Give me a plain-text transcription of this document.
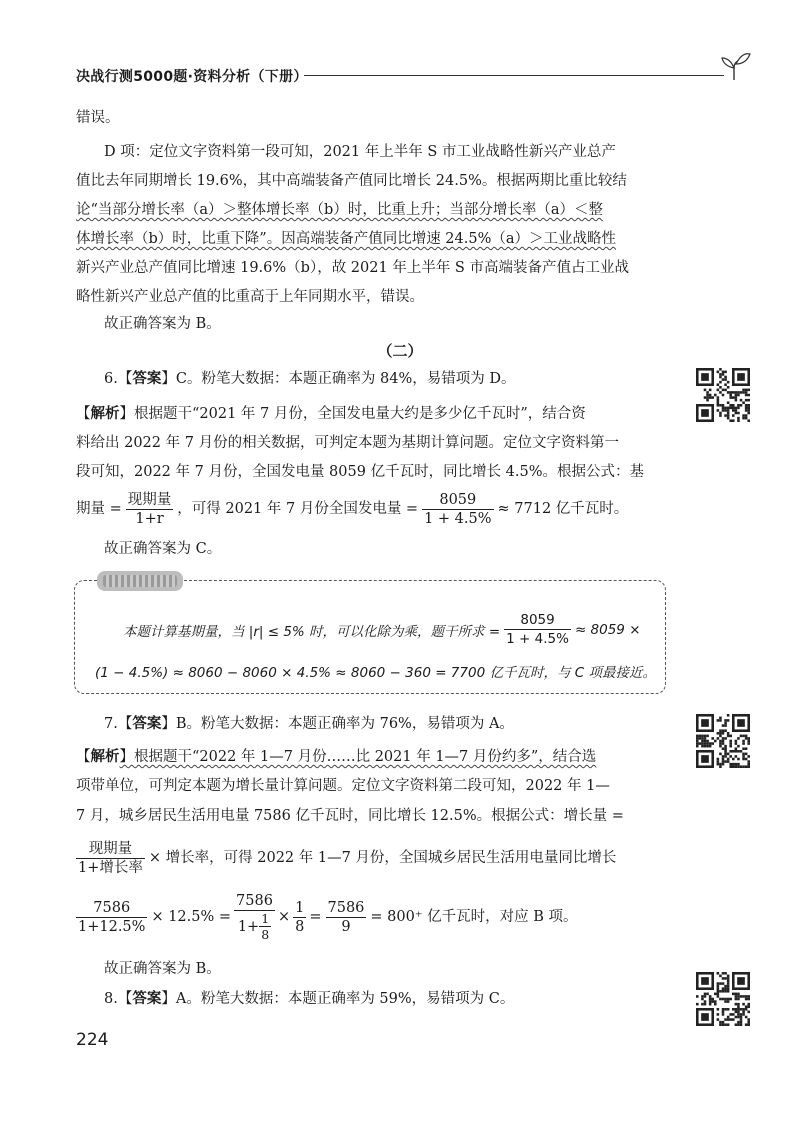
决战行测5000题·资料分析（下册）
错误。
D 项：定位文字资料第一段可知，2021 年上半年 S 市工业战略性新兴产业总产
值比去年同期增长 19.6%，其中高端装备产值同比增长 24.5%。根据两期比重比较结
论“当部分增长率（a）＞整体增长率（b）时，比重上升；当部分增长率（a）＜整
体增长率（b）时，比重下降”。因高端装备产值同比增速 24.5%（a）＞工业战略性
新兴产业总产值同比增速 19.6%（b），故 2021 年上半年 S 市高端装备产值占工业战
略性新兴产业总产值的比重高于上年同期水平，错误。
故正确答案为 B。
（二）
6.【答案】C。粉笔大数据：本题正确率为 84%，易错项为 D。
【解析】根据题干“2021 年 7 月份，全国发电量大约是多少亿千瓦时”，结合资
料给出 2022 年 7 月份的相关数据，可判定本题为基期计算问题。定位文字资料第一
段可知，2022 年 7 月份，全国发电量 8059 亿千瓦时，同比增长 4.5%。根据公式：基
期量 = $\frac{\text{现期量}}{1+r}$ ，可得 2021 年 7 月份全国发电量 = $\frac{8059}{1 + 4.5\%} \approx 7712$ 亿千瓦时。
故正确答案为 C。
本题计算基期量，当 |r| ≤ 5% 时，可以化除为乘，题干所求 = $\frac{8059}{1 + 4.5\%} \approx 8059$ ×
(1 − 4.5%) ≈ 8060 − 8060 × 4.5% ≈ 8060 − 360 = 7700 亿千瓦时，与 C 项最接近。
7.【答案】B。粉笔大数据：本题正确率为 76%，易错项为 A。
【解析】根据题干“2022 年 1—7 月份……比 2021 年 1—7 月份约多”，结合选
项带单位，可判定本题为增长量计算问题。定位文字资料第二段可知，2022 年 1—
7 月，城乡居民生活用电量 7586 亿千瓦时，同比增长 12.5%。根据公式：增长量 =
$\frac{\text{现期量}}{\text{1+增长率}}$ × 增长率，可得 2022 年 1—7 月份，全国城乡居民生活用电量同比增长
$\frac{7586}{1+12.5\%} \times 12.5\% = \frac{7586}{1+ \frac{1}{8}} \times \frac{1}{8} = \frac{7586}{9} = 800^+$ 亿千瓦时，对应 B 项。
故正确答案为 B。
8.【答案】A。粉笔大数据：本题正确率为 59%，易错项为 C。
224
